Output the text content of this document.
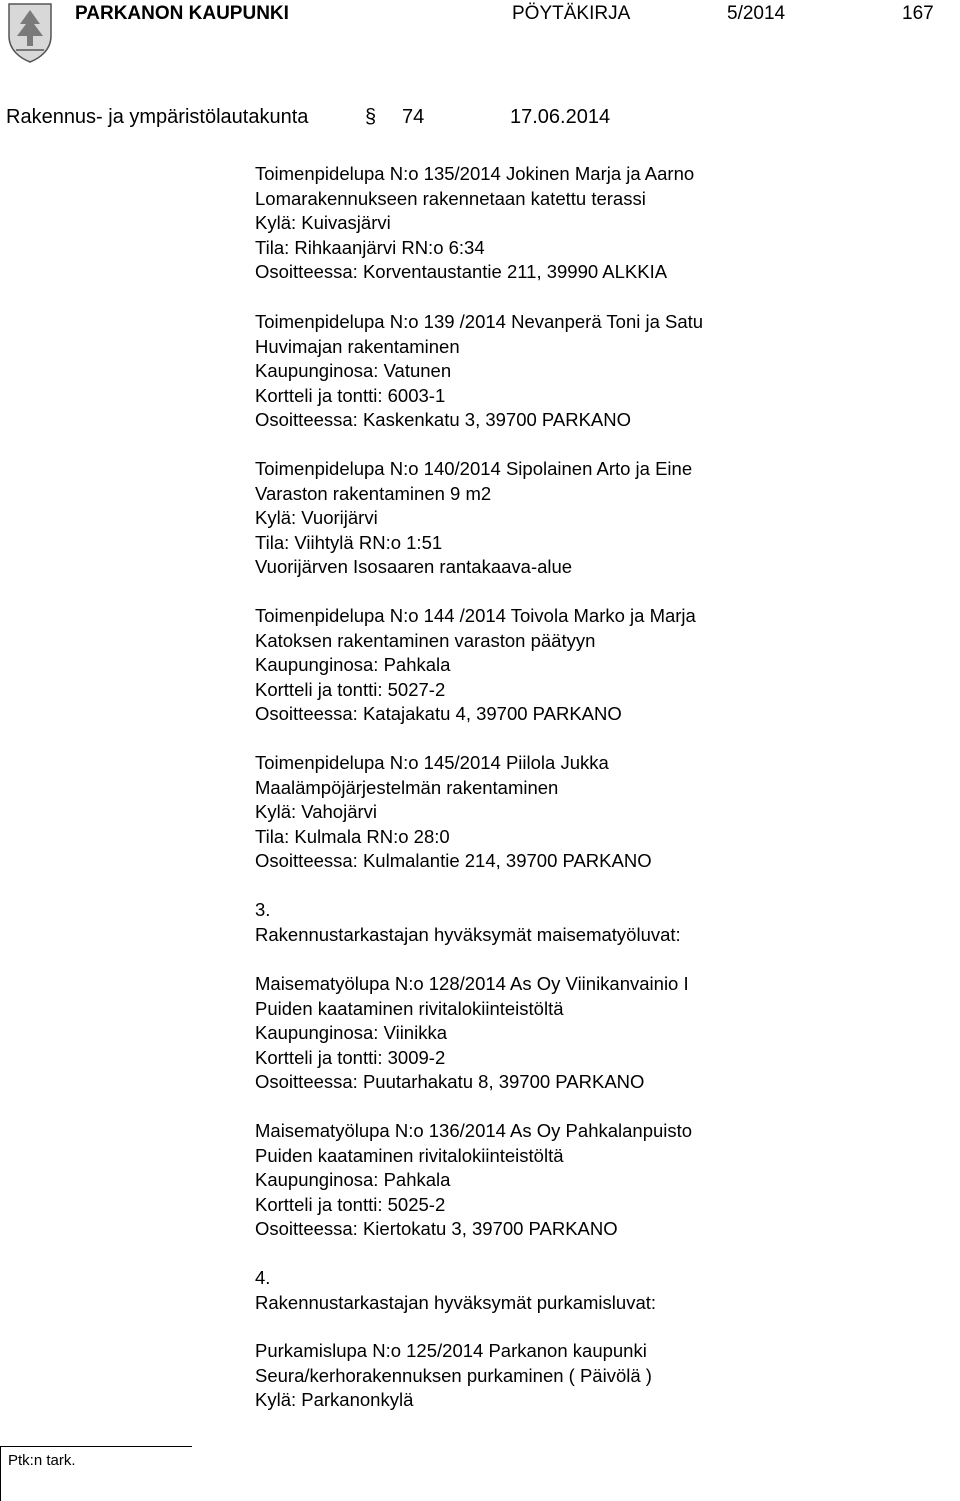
PARKANON KAUPUNKI	PÖYTÄKIRJA	5/2014	167
Rakennus- ja ympäristölautakunta	§ 74	17.06.2014
Toimenpidelupa N:o 135/2014 Jokinen Marja ja Aarno
Lomarakennukseen rakennetaan katettu terassi
Kylä: Kuivasjärvi
Tila: Rihkaanjärvi RN:o 6:34
Osoitteessa: Korventaustantie 211, 39990 ALKKIA
Toimenpidelupa N:o 139 /2014 Nevanperä Toni ja Satu
Huvimajan rakentaminen
Kaupunginosa: Vatunen
Kortteli ja tontti: 6003-1
Osoitteessa: Kaskenkatu 3, 39700 PARKANO
Toimenpidelupa N:o 140/2014 Sipolainen Arto ja Eine
Varaston rakentaminen 9 m2
Kylä: Vuorijärvi
Tila: Viihtylä RN:o 1:51
Vuorijärven Isosaaren rantakaava-alue
Toimenpidelupa N:o 144 /2014 Toivola Marko ja Marja
Katoksen rakentaminen varaston päätyyn
Kaupunginosa: Pahkala
Kortteli ja tontti: 5027-2
Osoitteessa: Katajakatu 4, 39700 PARKANO
Toimenpidelupa N:o 145/2014 Piilola Jukka
Maalämpöjärjestelmän rakentaminen
Kylä: Vahojärvi
Tila: Kulmala RN:o 28:0
Osoitteessa: Kulmalantie 214, 39700 PARKANO
3.
Rakennustarkastajan hyväksymät maisematyöluvat:
Maisematyölupa N:o 128/2014 As Oy Viinikanvainio I
Puiden kaataminen rivitalokiinteistöltä
Kaupunginosa: Viinikka
Kortteli ja tontti: 3009-2
Osoitteessa: Puutarhakatu 8, 39700 PARKANO
Maisematyölupa N:o 136/2014 As Oy Pahkalanpuisto
Puiden kaataminen rivitalokiinteistöltä
Kaupunginosa: Pahkala
Kortteli ja tontti: 5025-2
Osoitteessa: Kiertokatu 3, 39700 PARKANO
4.
Rakennustarkastajan hyväksymät purkamisluvat:
Purkamislupa N:o 125/2014 Parkanon kaupunki
Seura/kerhorakennuksen purkaminen ( Päivölä )
Kylä: Parkanonkylä
Ptk:n tark.
